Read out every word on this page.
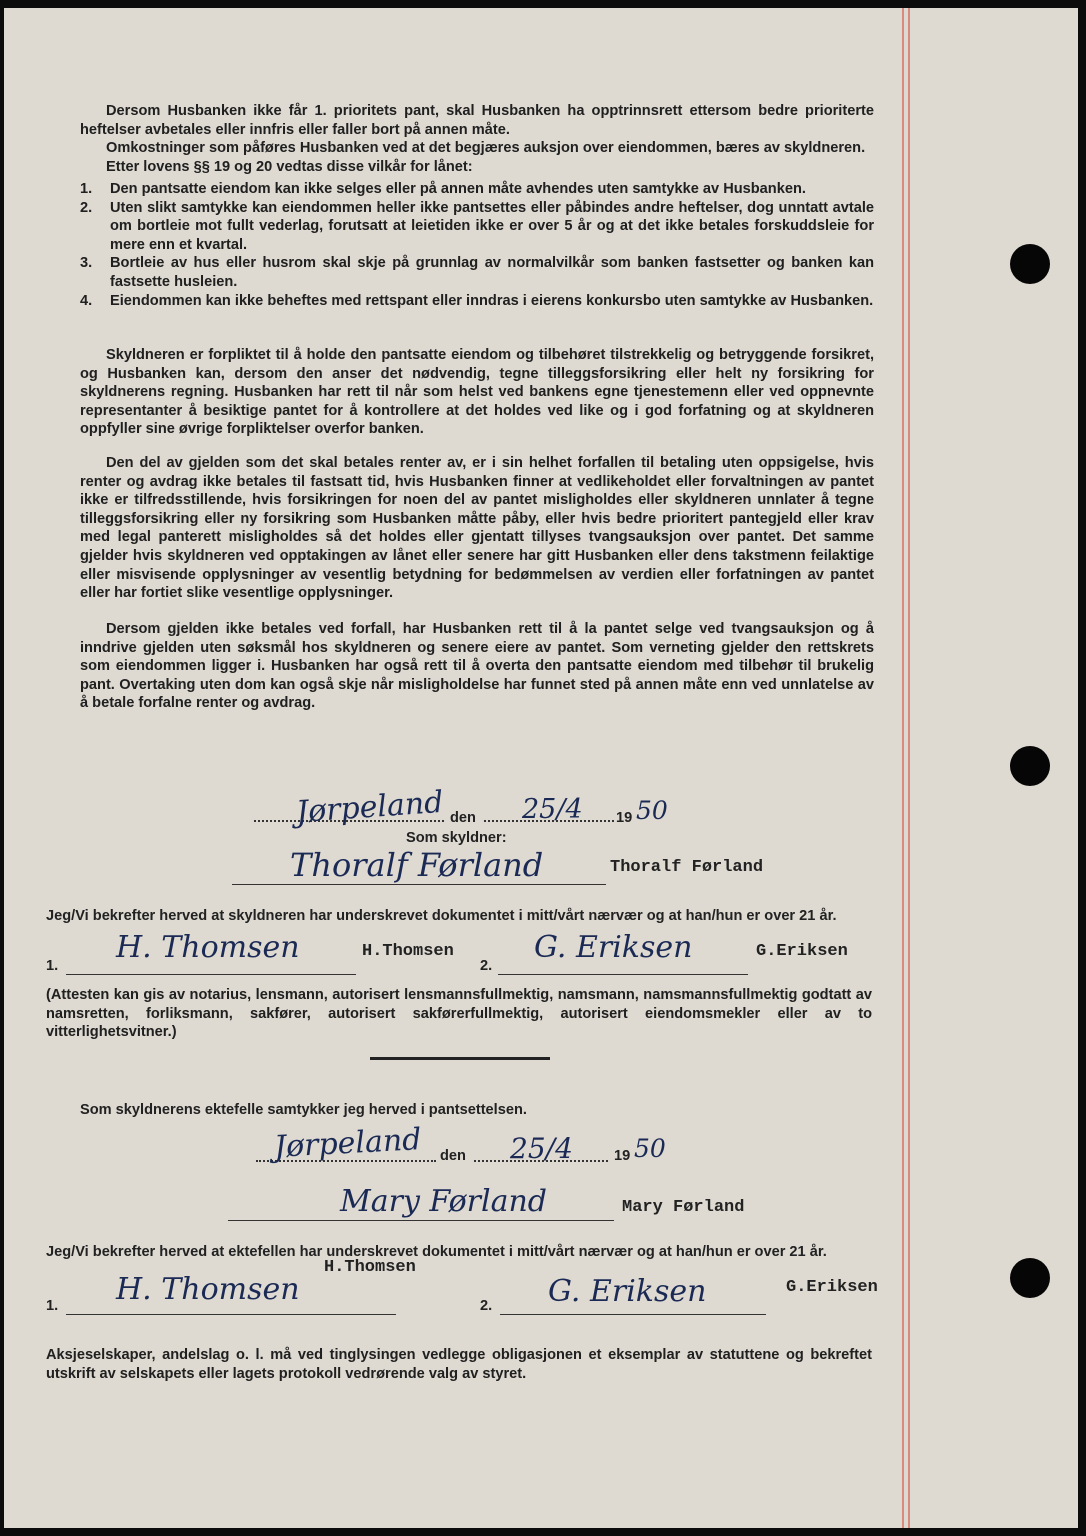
Dersom Husbanken ikke får 1. prioritets pant, skal Husbanken ha opptrinnsrett ettersom bedre prioriterte heftelser avbetales eller innfris eller faller bort på annen måte.

Omkostninger som påføres Husbanken ved at det begjæres auksjon over eiendommen, bæres av skyldneren.

Etter lovens §§ 19 og 20 vedtas disse vilkår for lånet:

1. Den pantsatte eiendom kan ikke selges eller på annen måte avhendes uten samtykke av Husbanken.
2. Uten slikt samtykke kan eiendommen heller ikke pantsettes eller påbindes andre heftelser, dog unntatt avtale om bortleie mot fullt vederlag, forutsatt at leietiden ikke er over 5 år og at det ikke betales forskuddsleie for mere enn et kvartal.
3. Bortleie av hus eller husrom skal skje på grunnlag av normalvilkår som banken fastsetter og banken kan fastsette husleien.
4. Eiendommen kan ikke beheftes med rettspant eller inndras i eierens konkursbo uten samtykke av Husbanken.

Skyldneren er forpliktet til å holde den pantsatte eiendom og tilbehøret tilstrekkelig og betryggende forsikret, og Husbanken kan, dersom den anser det nødvendig, tegne tilleggsforsikring eller helt ny forsikring for skyldnerens regning. Husbanken har rett til når som helst ved bankens egne tjenestemenn eller ved oppnevnte representanter å besiktige pantet for å kontrollere at det holdes ved like og i god forfatning og at skyldneren oppfyller sine øvrige forpliktelser overfor banken.

Den del av gjelden som det skal betales renter av, er i sin helhet forfallen til betaling uten oppsigelse, hvis renter og avdrag ikke betales til fastsatt tid, hvis Husbanken finner at vedlikeholdet eller forvaltningen av pantet ikke er tilfredsstillende, hvis forsikringen for noen del av pantet misligholdes eller skyldneren unnlater å tegne tilleggsforsikring eller ny forsikring som Husbanken måtte påby, eller hvis bedre prioritert pantegjeld eller krav med legal panterett misligholdes så det holdes eller gjentatt tillyses tvangsauksjon over pantet. Det samme gjelder hvis skyldneren ved opptakingen av lånet eller senere har gitt Husbanken eller dens takstmenn feilaktige eller misvisende opplysninger av vesentlig betydning for bedømmelsen av verdien eller forfatningen av pantet eller har fortiet slike vesentlige opplysninger.

Dersom gjelden ikke betales ved forfall, har Husbanken rett til å la pantet selge ved tvangsauksjon og å inndrive gjelden uten søksmål hos skyldneren og senere eiere av pantet. Som verneting gjelder den rettskrets som eiendommen ligger i. Husbanken har også rett til å overta den pantsatte eiendom med tilbehør til brukelig pant. Overtaking uten dom kan også skje når misligholdelse har funnet sted på annen måte enn ved unnlatelse av å betale forfalne renter og avdrag.

Jørpeland den 25/4 19 50
Som skyldner:
Thoralf Førland	Thoralf Førland
Jeg/Vi bekrefter herved at skyldneren har underskrevet dokumentet i mitt/vårt nærvær og at han/hun er over 21 år.
1.
H. Thomsen	H.Thomsen
2.
G. Eriksen	G.Eriksen

(Attesten kan gis av notarius, lensmann, autorisert lensmannsfullmektig, namsmann, namsmannsfullmektig godtatt av namsretten, forliksmann, sakfører, autorisert sakførerfullmektig, autorisert eiendomsmekler eller av to vitterlighetsvitner.)

Som skyldnerens ektefelle samtykker jeg herved i pantsettelsen.
Jørpeland den 25/4	19 50
Mary Førland	Mary Førland
Jeg/Vi bekrefter herved at ektefellen har underskrevet dokumentet i mitt/vårt nærvær og at han/hun er over 21 år.
H.Thomsen
G.Eriksen
1. H. Thomsen	2. G. Eriksen

Aksjeselskaper, andelslag o. l. må ved tinglysingen vedlegge obligasjonen et eksemplar av statuttene og bekreftet utskrift av selskapets eller lagets protokoll vedrørende valg av styret.
